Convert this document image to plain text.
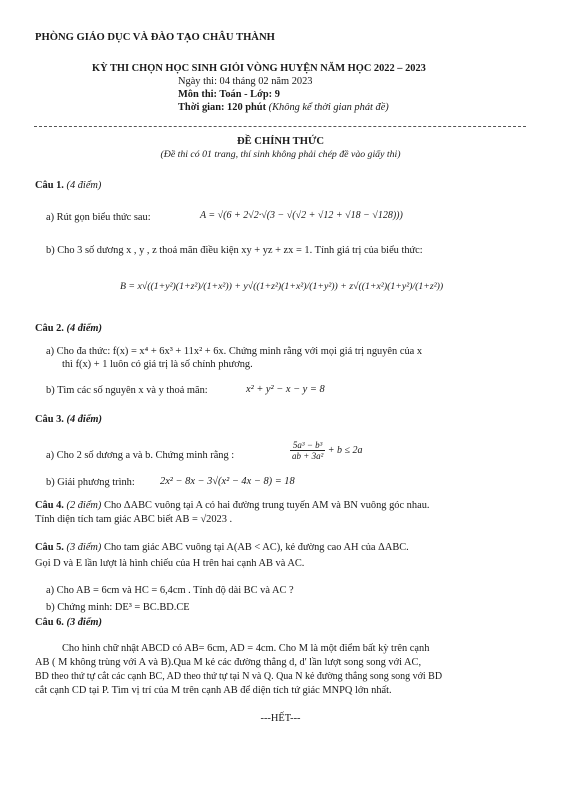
PHÒNG GIÁO DỤC VÀ ĐÀO TẠO CHÂU THÀNH
KỲ THI CHỌN HỌC SINH GIỎI VÒNG HUYỆN NĂM HỌC 2022 – 2023
Ngày thi: 04 tháng 02 năm 2023
Môn thi: Toán - Lớp: 9
Thời gian: 120 phút (Không kể thời gian phát đề)
ĐỀ CHÍNH THỨC
(Đề thi có 01 trang, thí sinh không phải chép đề vào giấy thi)
Câu 1. (4 điểm)
a) Rút gọn biểu thức sau:	A = √(6 + 2√2·√(3 − √(√2 + √12 + √18 − √128)))
b) Cho 3 số dương x , y , z thoả mãn điều kiện xy + yz + zx = 1. Tính giá trị của biểu thức:
B = x√((1+y²)(1+z²)/(1+x²)) + y√((1+z²)(1+x²)/(1+y²)) + z√((1+x²)(1+y²)/(1+z²))
Câu 2. (4 điểm)
a) Cho đa thức: f(x) = x⁴ + 6x³ + 11x² + 6x. Chứng minh rằng với mọi giá trị nguyên của x
thì f(x) + 1 luôn có giá trị là số chính phương.
b) Tìm các số nguyên x và y thoả mãn:	x² + y² − x − y = 8
Câu 3. (4 điểm)
a) Cho 2 số dương a và b. Chứng minh rằng :	$\frac{\text{5a³ − b³}}{\text{ab + 3a²}} + b \le 2a$
b) Giải phương trình: 2x² − 8x − 3√(x² − 4x − 8) = 18
Câu 4. (2 điểm) Cho ΔABC vuông tại A có hai đường trung tuyến AM và BN vuông góc nhau.
Tính diện tích tam giác ABC biết AB = √2023 .
Câu 5. (3 điểm) Cho tam giác ABC vuông tại A(AB < AC), kẻ đường cao AH của ΔABC.
Gọi D và E lần lượt là hình chiếu của H trên hai cạnh AB và AC.
a) Cho AB = 6cm và HC = 6,4cm . Tính độ dài BC và AC ?
b) Chứng minh: DE³ = BC.BD.CE
Câu 6. (3 điểm)
Cho hình chữ nhật ABCD có AB= 6cm, AD = 4cm. Cho M là một điểm bất kỳ trên cạnh
AB ( M không trùng với A và B).Qua M kẻ các đường thẳng d, d' lần lượt song song với AC,
BD theo thứ tự cắt các cạnh BC, AD theo thứ tự tại N và Q. Qua N kẻ đường thẳng song song với BD
cắt cạnh CD tại P. Tìm vị trí của M trên cạnh AB để diện tích tứ giác MNPQ lớn nhất.
---HẾT---
